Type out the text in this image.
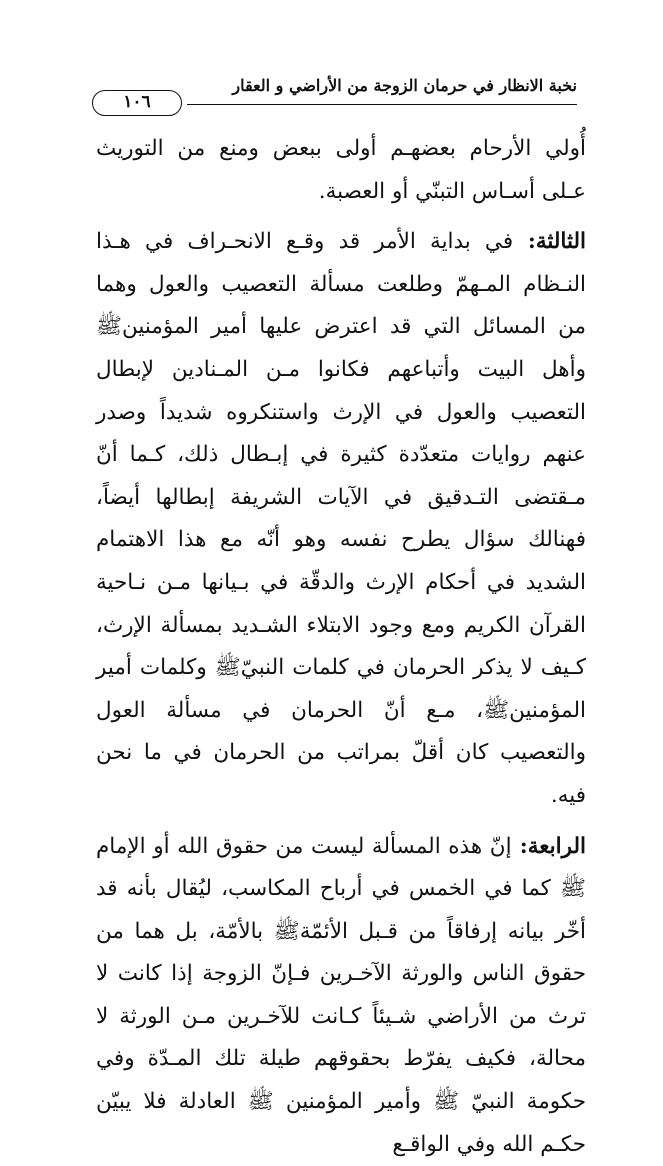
نخبة الانظار في حرمان الزوجة من الأراضي و العقار
١٠٦

أُولي الأرحام بعضهـم أولى ببعض ومنع من التوريث عـلى أسـاس التبنّي أو العصبة.

الثالثة: في بداية الأمر قد وقـع الانحـراف في هـذا النـظام المـهمّ وطلعت مسألة التعصيب والعول وهما من المسائل التي قد اعترض عليها أمير المؤمنينﷺ وأهل البيت وأتباعهم فكانوا مـن المـنادين لإبطال التعصيب والعول في الإرث واستنكروه شديداً وصدر عنهم روايات متعدّدة كثيرة في إبـطال ذلك، كـما أنّ مـقتضى التـدقيق في الآيات الشريفة إبطالها أيضاً، فهنالك سؤال يطرح نفسه وهو أنّه مع هذا الاهتمام الشديد في أحكام الإرث والدقّة في بـيانها مـن نـاحية القرآن الكريم ومع وجود الابتلاء الشـديد بمسألة الإرث، كـيف لا يذكر الحرمان في كلمات النبيّﷺ وكلمات أمير المؤمنينﷺ، مـع أنّ الحرمان في مسألة العول والتعصيب كان أقلّ بمراتب من الحرمان في ما نحن فيه.

الرابعة: إنّ هذه المسألة ليست من حقوق الله أو الإمام ﷺ كما في الخمس في أرباح المكاسب، ليُقال بأنه قد أخّر بيانه إرفاقاً من قـبل الأئمّةﷺ بالأمّة، بل هما من حقوق الناس والورثة الآخـرين فـإنّ الزوجة إذا كانت لا ترث من الأراضي شـيئاً كـانت للآخـرين مـن الورثة لا محالة، فكيف يفرّط بحقوقهم طيلة تلك المـدّة وفي حكومة النبيّ ﷺ وأمير المؤمنين ﷺ العادلة فلا يبيّن حكـم الله وفي الواقـع
